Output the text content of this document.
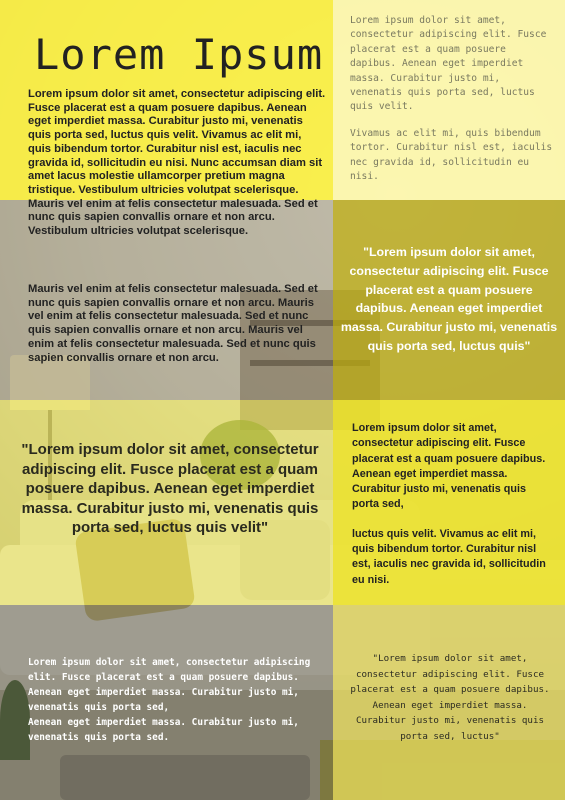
Lorem Ipsum
Lorem ipsum dolor sit amet, consectetur adipiscing elit. Fusce placerat est a quam posuere dapibus. Aenean eget imperdiet massa. Curabitur justo mi, venenatis quis porta sed, luctus quis velit. Vivamus ac elit mi, quis bibendum tortor. Curabitur nisl est, iaculis nec gravida id, sollicitudin eu nisi. Nunc accumsan diam sit amet lacus molestie ullamcorper pretium magna tristique. Vestibulum ultricies volutpat scelerisque. Mauris vel enim at felis consectetur malesuada. Sed et nunc quis sapien convallis ornare et non arcu. Vestibulum ultricies volutpat scelerisque.
Mauris vel enim at felis consectetur malesuada. Sed et nunc quis sapien convallis ornare et non arcu. Mauris vel enim at felis consectetur malesuada. Sed et nunc quis sapien convallis ornare et non arcu. Mauris vel enim at felis consectetur malesuada. Sed et nunc quis sapien convallis ornare et non arcu.
"Lorem ipsum dolor sit amet, consectetur adipiscing elit. Fusce placerat est a quam posuere dapibus. Aenean eget imperdiet massa. Curabitur justo mi, venenatis quis porta sed, luctus quis velit"

Lorem ipsum dolor sit amet, consectetur adipiscing elit. Fusce placerat est a quam posuere dapibus. Aenean eget imperdiet massa. Curabitur justo mi, venenatis quis porta sed, luctus quis velit.

Vivamus ac elit mi, quis bibendum tortor. Curabitur nisl est, iaculis nec gravida id, sollicitudin eu nisi.

"Lorem ipsum dolor sit amet, consectetur adipiscing elit. Fusce placerat est a quam posuere dapibus. Aenean eget imperdiet massa. Curabitur justo mi, venenatis quis porta sed, luctus quis"

Lorem ipsum dolor sit amet, consectetur adipiscing elit. Fusce placerat est a quam posuere dapibus. Aenean eget imperdiet massa. Curabitur justo mi, venenatis quis porta sed,

luctus quis velit. Vivamus ac elit mi, quis bibendum tortor. Curabitur nisl est, iaculis nec gravida id, sollicitudin eu nisi.

Lorem ipsum dolor sit amet, consectetur adipiscing elit. Fusce placerat est a quam posuere dapibus. Aenean eget imperdiet massa. Curabitur justo mi, venenatis quis porta sed,

Aenean eget imperdiet massa. Curabitur justo mi, venenatis quis porta sed.

"Lorem ipsum dolor sit amet, consectetur adipiscing elit. Fusce placerat est a quam posuere dapibus. Aenean eget imperdiet massa. Curabitur justo mi, venenatis quis porta sed, luctus"
